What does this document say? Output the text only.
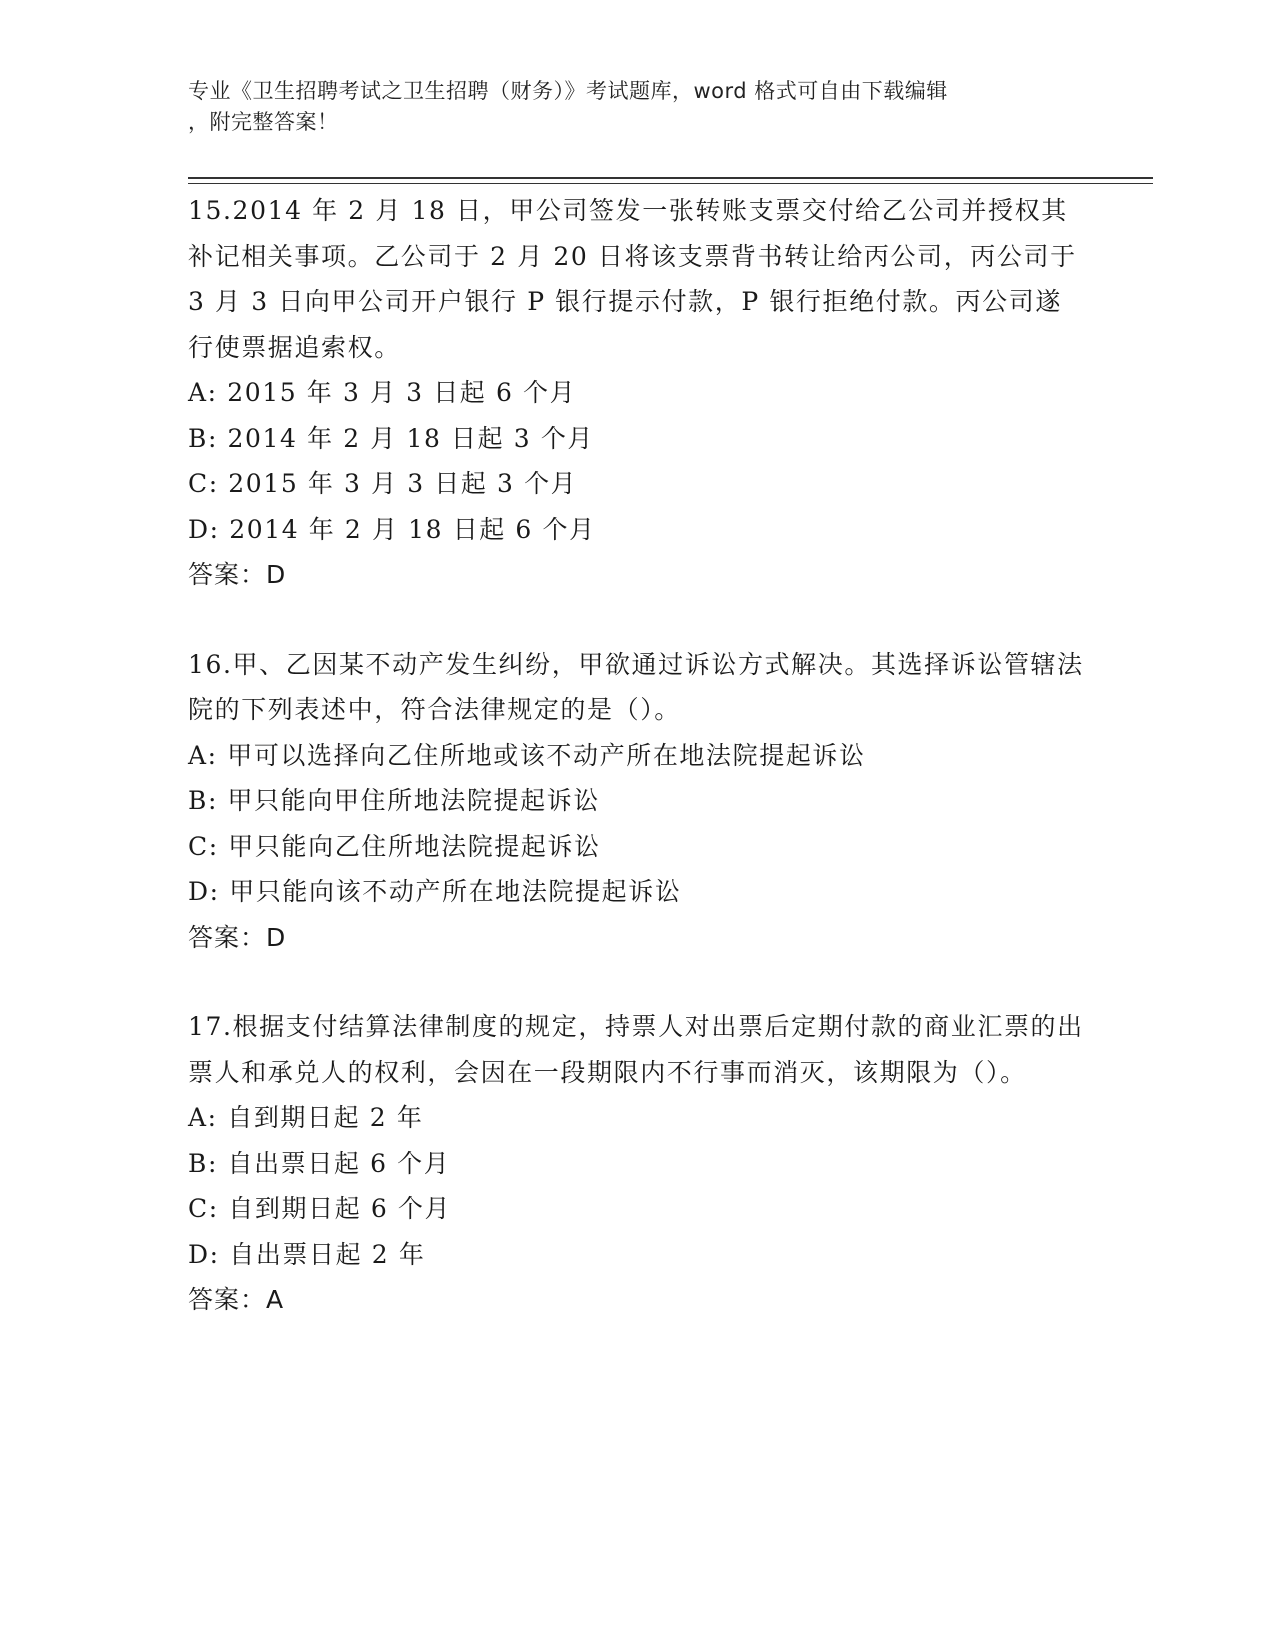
专业《卫生招聘考试之卫生招聘（财务）》考试题库，word 格式可自由下载编辑
，附完整答案！
15.2014 年 2 月 18 日，甲公司签发一张转账支票交付给乙公司并授权其补记相关事项。乙公司于 2 月 20 日将该支票背书转让给丙公司，丙公司于 3 月 3 日向甲公司开户银行 P 银行提示付款，P 银行拒绝付款。丙公司遂行使票据追索权。
A: 2015 年 3 月 3 日起 6 个月
B: 2014 年 2 月 18 日起 3 个月
C: 2015 年 3 月 3 日起 3 个月
D: 2014 年 2 月 18 日起 6 个月
答案：D
16.甲、乙因某不动产发生纠纷，甲欲通过诉讼方式解决。其选择诉讼管辖法院的下列表述中，符合法律规定的是（）。
A: 甲可以选择向乙住所地或该不动产所在地法院提起诉讼
B: 甲只能向甲住所地法院提起诉讼
C: 甲只能向乙住所地法院提起诉讼
D: 甲只能向该不动产所在地法院提起诉讼
答案：D
17.根据支付结算法律制度的规定，持票人对出票后定期付款的商业汇票的出票人和承兑人的权利，会因在一段期限内不行事而消灭，该期限为（）。
A: 自到期日起 2 年
B: 自出票日起 6 个月
C: 自到期日起 6 个月
D: 自出票日起 2 年
答案：A
